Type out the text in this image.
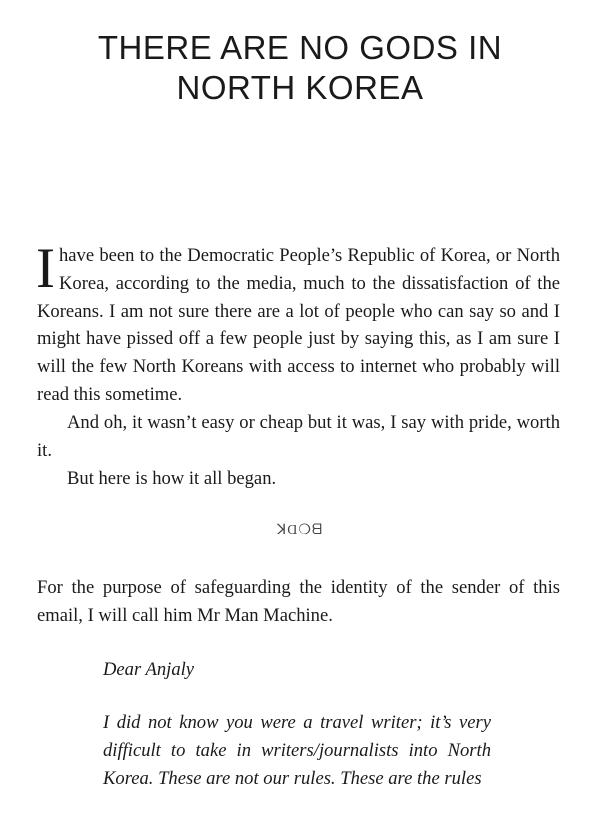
THERE ARE NO GODS IN
NORTH KOREA

I have been to the Democratic People’s Republic of Korea, or North Korea, according to the media, much to the dissatisfaction of the Koreans. I am not sure there are a lot of people who can say so and I might have pissed off a few people just by saying this, as I am sure I will the few North Koreans with access to internet who probably will read this sometime.

And oh, it wasn’t easy or cheap but it was, I say with pride, worth it.

But here is how it all began.

ꓘⱭ❍ᗺ

For the purpose of safeguarding the identity of the sender of this email, I will call him Mr Man Machine.

Dear Anjaly

I did not know you were a travel writer; it’s very difficult to take in writers/journalists into North Korea. These are not our rules. These are the rules
